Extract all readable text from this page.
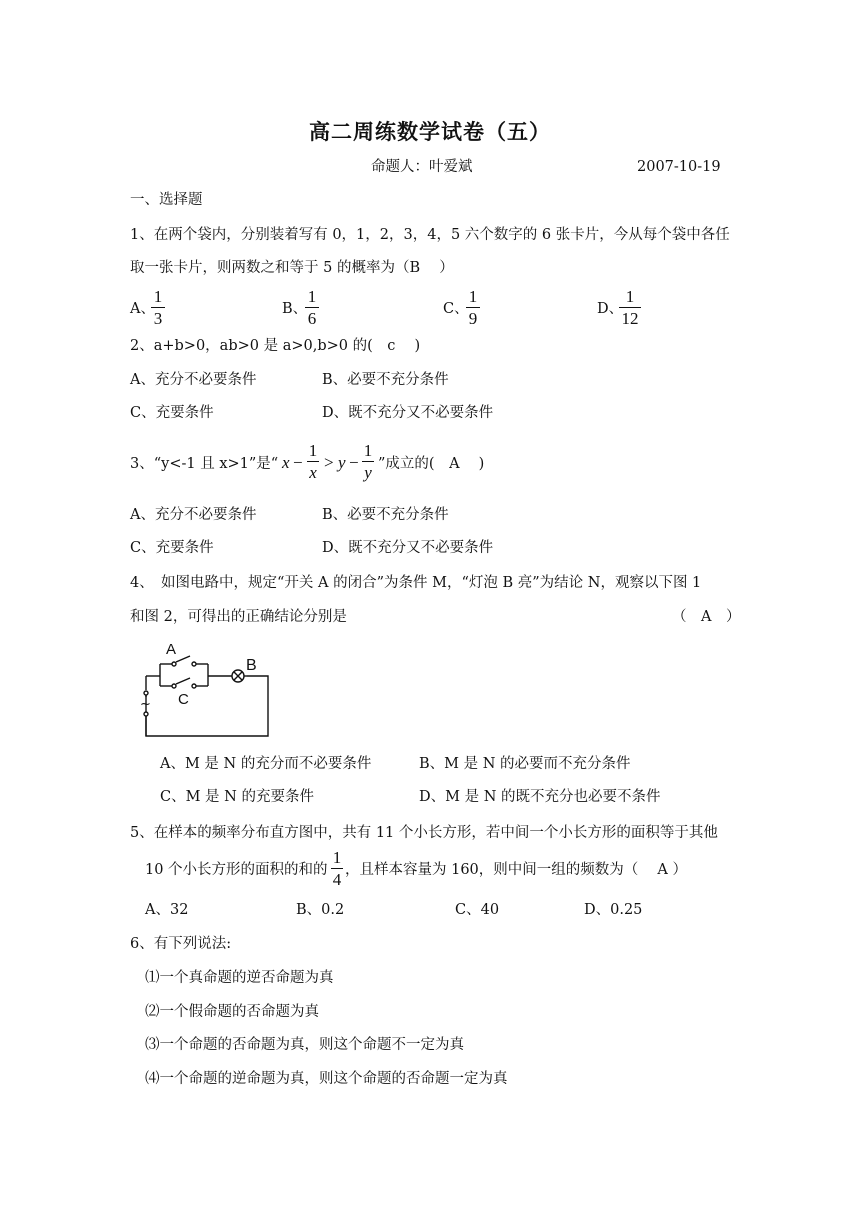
高二周练数学试卷（五）
命题人：叶爱斌	2007-10-19
一、选择题
1、在两个袋内，分别装着写有 0，1，2，3，4，5 六个数字的 6 张卡片，今从每个袋中各任
取一张卡片，则两数之和等于 5 的概率为（B　 ）
A、
1
3	B、
1
6	C、
1
9	D、
1
12
2、a+b>0，ab>0 是 a>0,b>0 的(　c　 )
A、充分不必要条件	B、必要不充分条件
C、充要条件	D、既不充分又不必要条件
3、“y<-1 且 x>1”是“ x −
1
x
> y −
1
y ”成立的(　A　 )
A、充分不必要条件	B、必要不充分条件
C、充要条件	D、既不充分又不必要条件
4、　如图电路中，规定“开关 A 的闭合”为条件 M，“灯泡 B 亮”为结论 N，观察以下图 1
和图 2，可得出的正确结论分别是	（　A　）
A
B
C
~
A、M 是 N 的充分而不必要条件	B、M 是 N 的必要而不充分条件
C、M 是 N 的充要条件	D、M 是 N 的既不充分也必要不条件
5、在样本的频率分布直方图中，共有 11 个小长方形，若中间一个小长方形的面积等于其他
10 个小长方形的面积的和的
1
4 ，且样本容量为 160，则中间一组的频数为（　 A ）
A、32	B、0.2	C、40	D、0.25
6、有下列说法:
⑴一个真命题的逆否命题为真
⑵一个假命题的否命题为真
⑶一个命题的否命题为真，则这个命题不一定为真
⑷一个命题的逆命题为真，则这个命题的否命题一定为真
